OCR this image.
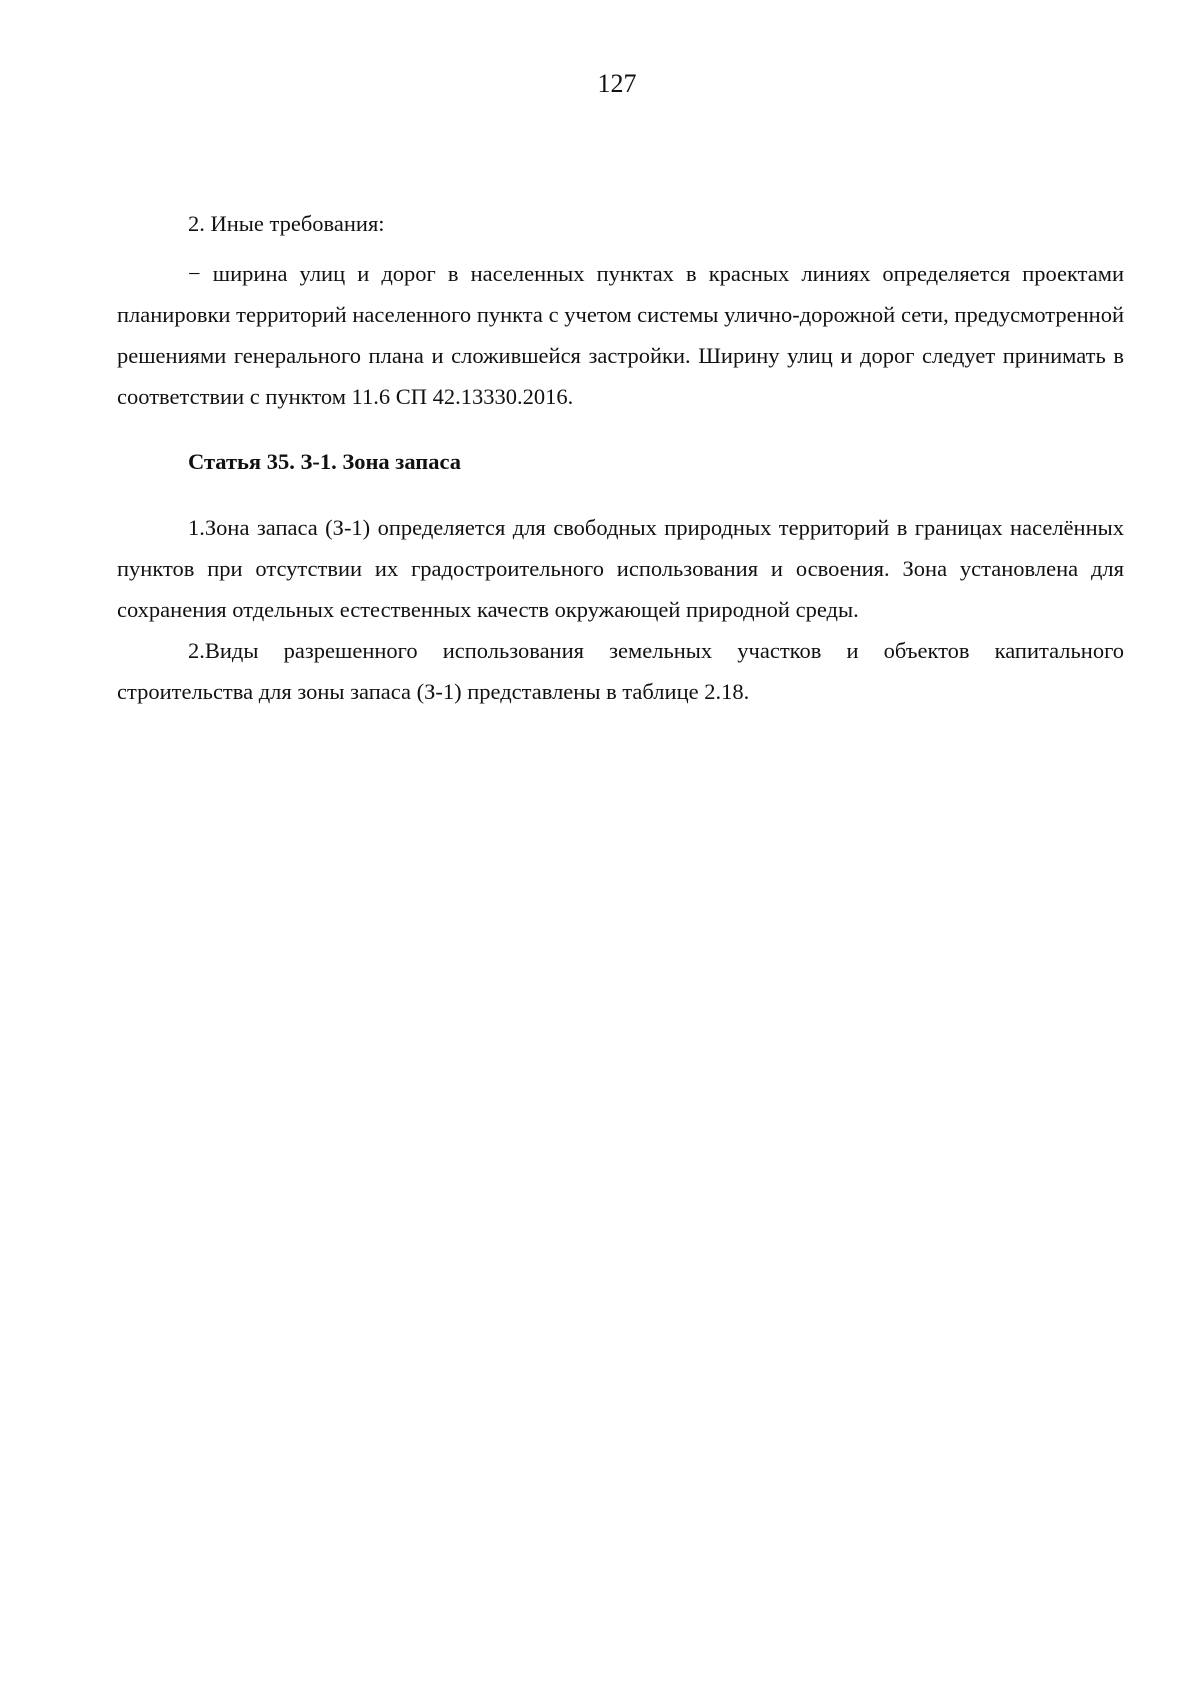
127

2. Иные требования:

− ширина улиц и дорог в населенных пунктах в красных линиях определяется проектами планировки территорий населенного пункта с учетом системы улично-дорожной сети, предусмотренной решениями генерального плана и сложившейся застройки. Ширину улиц и дорог следует принимать в соответствии с пунктом 11.6 СП 42.13330.2016.

Статья 35. З-1. Зона запаса

1.Зона запаса (З-1) определяется для свободных природных территорий в границах населённых пунктов при отсутствии их градостроительного использования и освоения. Зона установлена для сохранения отдельных естественных качеств окружающей природной среды.

2.Виды разрешенного использования земельных участков и объектов капитального строительства для зоны запаса (З-1) представлены в таблице 2.18.
